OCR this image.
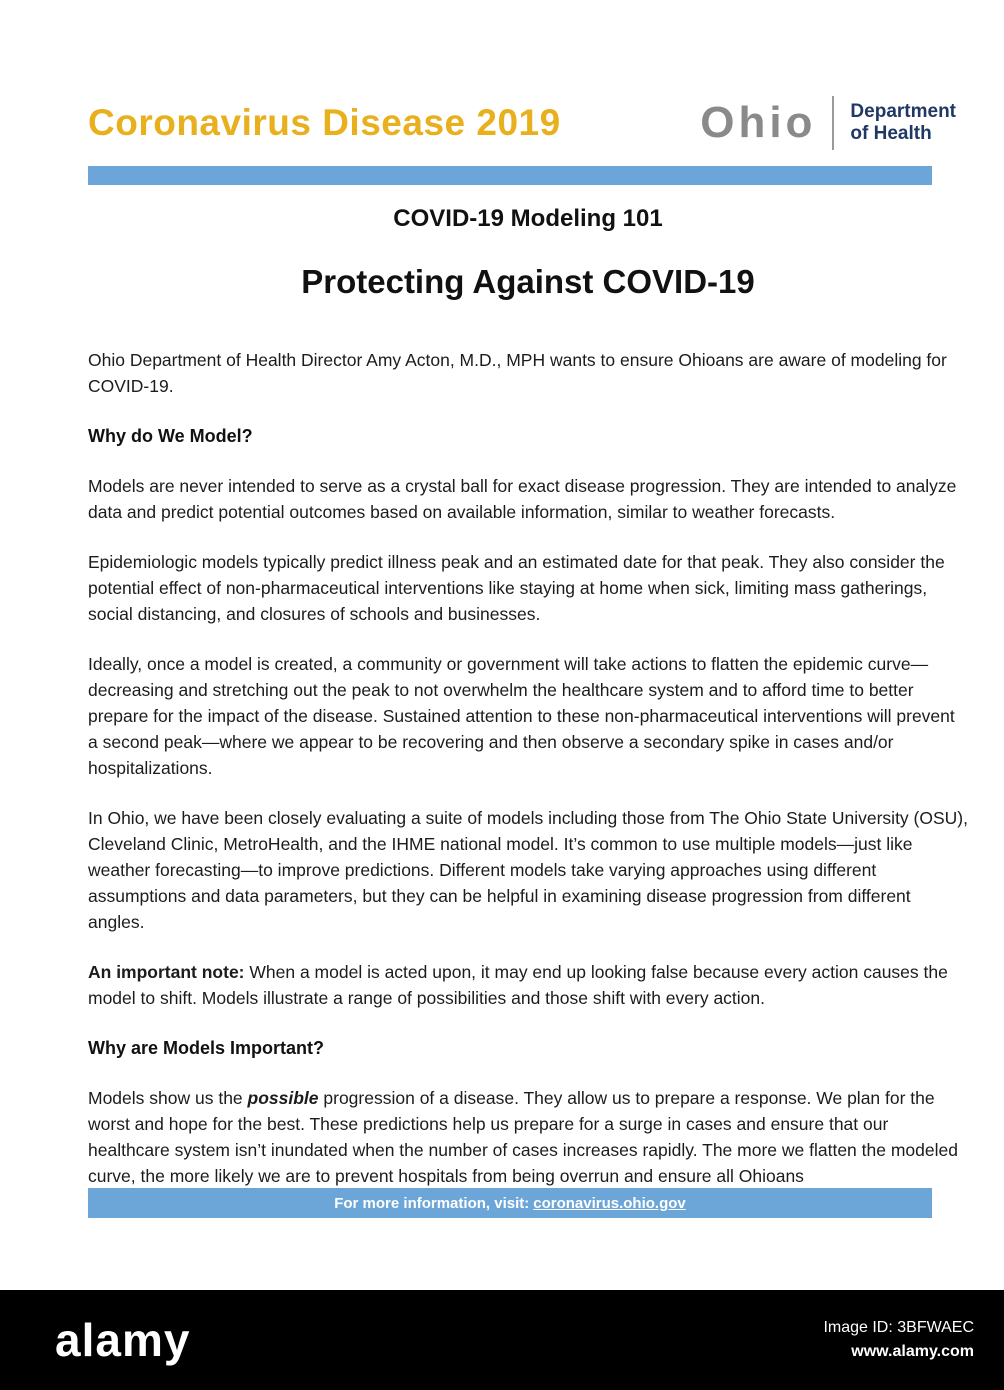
Coronavirus Disease 2019	Ohio Department
of Health
COVID-19 Modeling 101
Protecting Against COVID-19

Ohio Department of Health Director Amy Acton, M.D., MPH wants to ensure Ohioans are aware of modeling for COVID-19.

Why do We Model?

Models are never intended to serve as a crystal ball for exact disease progression. They are intended to analyze data and predict potential outcomes based on available information, similar to weather forecasts.

Epidemiologic models typically predict illness peak and an estimated date for that peak. They also consider the potential effect of non-pharmaceutical interventions like staying at home when sick, limiting mass gatherings, social distancing, and closures of schools and businesses.

Ideally, once a model is created, a community or government will take actions to flatten the epidemic curve—decreasing and stretching out the peak to not overwhelm the healthcare system and to afford time to better prepare for the impact of the disease. Sustained attention to these non-pharmaceutical interventions will prevent a second peak—where we appear to be recovering and then observe a secondary spike in cases and/or hospitalizations.

In Ohio, we have been closely evaluating a suite of models including those from The Ohio State University (OSU), Cleveland Clinic, MetroHealth, and the IHME national model. It’s common to use multiple models—just like weather forecasting—to improve predictions. Different models take varying approaches using different assumptions and data parameters, but they can be helpful in examining disease progression from different angles.

An important note: When a model is acted upon, it may end up looking false because every action causes the model to shift. Models illustrate a range of possibilities and those shift with every action.

Why are Models Important?

Models show us the possible progression of a disease. They allow us to prepare a response. We plan for the worst and hope for the best. These predictions help us prepare for a surge in cases and ensure that our healthcare system isn’t inundated when the number of cases increases rapidly. The more we flatten the modeled curve, the more likely we are to prevent hospitals from being overrun and ensure all Ohioans

For more information, visit: coronavirus.ohio.gov
alamy	Image ID: 3BFWAEC
www.alamy.com
